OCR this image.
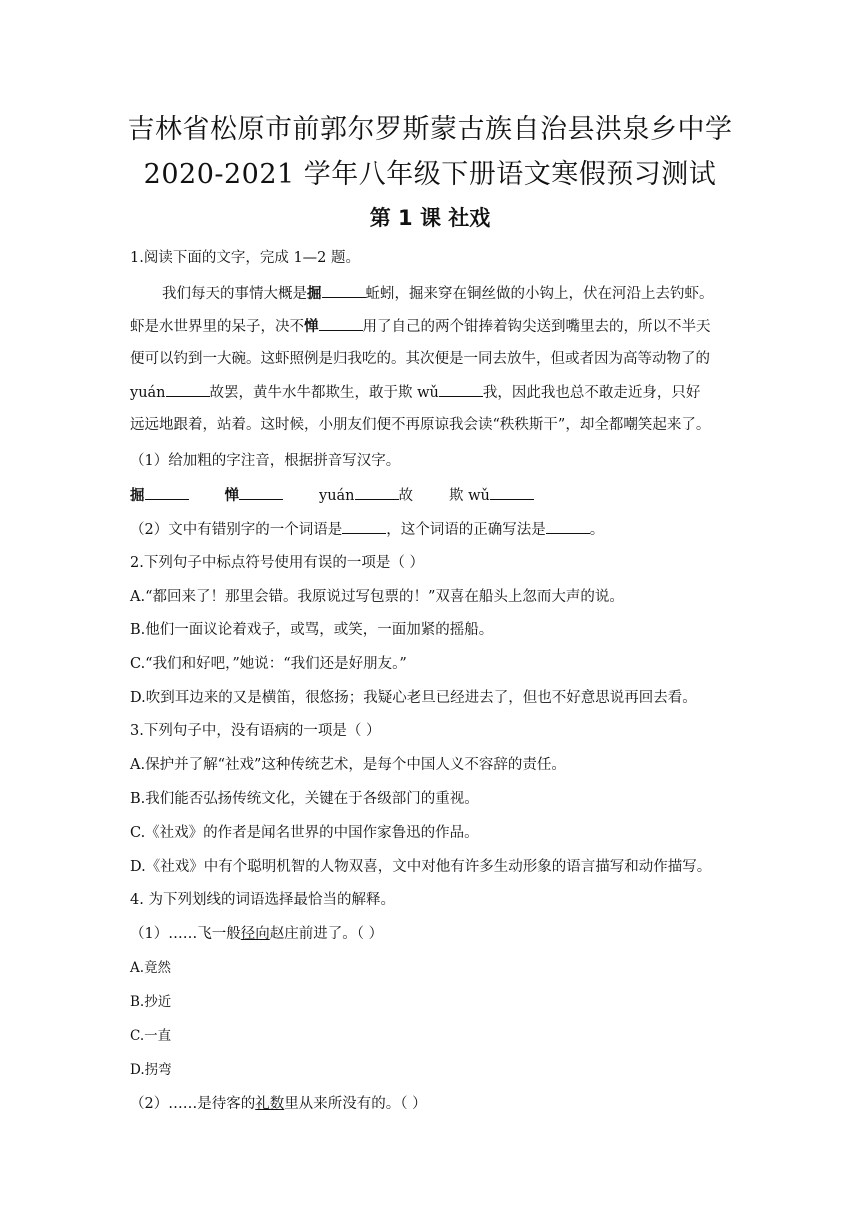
吉林省松原市前郭尔罗斯蒙古族自治县洪泉乡中学
2020-2021 学年八年级下册语文寒假预习测试
第 1 课 社戏
1.阅读下面的文字，完成 1—2 题。
我们每天的事情大概是掘	蚯蚓，掘来穿在铜丝做的小钩上，伏在河沿上去钓虾。
虾是水世界里的呆子，决不惮	用了自己的两个钳捧着钩尖送到嘴里去的，所以不半天
便可以钓到一大碗。这虾照例是归我吃的。其次便是一同去放牛，但或者因为高等动物了的
yuán	故罢，黄牛水牛都欺生，敢于欺 wǔ	我，因此我也总不敢走近身，只好
远远地跟着，站着。这时候，小朋友们便不再原谅我会读“秩秩斯干”，却全都嘲笑起来了。
（1）给加粗的字注音，根据拼音写汉字。
掘	惮	yuán	故 欺 wǔ
（2）文中有错别字的一个词语是	，这个词语的正确写法是	。
2.下列句子中标点符号使用有误的一项是（ ）
A.“都回来了！那里会错。我原说过写包票的！”双喜在船头上忽而大声的说。
B.他们一面议论着戏子，或骂，或笑，一面加紧的摇船。
C.“我们和好吧，”她说：“我们还是好朋友。”
D.吹到耳边来的又是横笛，很悠扬；我疑心老旦已经进去了，但也不好意思说再回去看。
3.下列句子中，没有语病的一项是（ ）
A.保护并了解“社戏”这种传统艺术，是每个中国人义不容辞的责任。
B.我们能否弘扬传统文化，关键在于各级部门的重视。
C.《社戏》的作者是闻名世界的中国作家鲁迅的作品。
D.《社戏》中有个聪明机智的人物双喜，文中对他有许多生动形象的语言描写和动作描写。
4. 为下列划线的词语选择最恰当的解释。
（1）……飞一般径向赵庄前进了。（ ）
A.竟然
B.抄近
C.一直
D.拐弯
（2）……是待客的礼数里从来所没有的。（ ）
